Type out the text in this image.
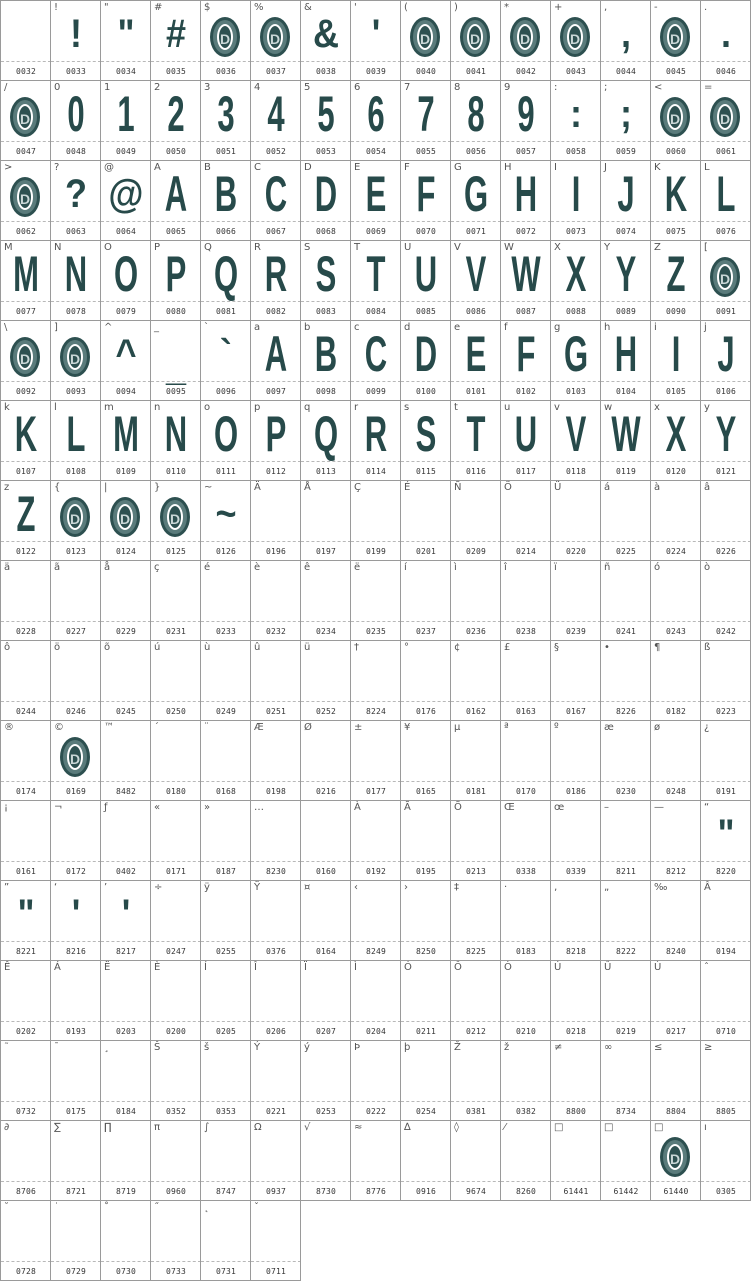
0032
!
!
0033
"
"
0034
#
#
0035
$
D
0036
%
D
0037
&
&
0038
'
'
0039
(
D
0040
)
D
0041
*
D
0042
+
D
0043
,
,
0044
-
D
0045
.
.
0046
/
D
0047
0 0
0048
1 1
0049
2 2
0050
3 3
0051
4 4
0052
5 5
0053
6 6
0054
7 7
0055
8 8
0056
9 9
0057
:
:
0058
;
;
0059
<
D
0060
=
D
0061
>
D
0062
?
?
0063
@
@
0064
A A
0065
B B
0066
C C
0067
D D
0068
E E
0069
F F
0070
G G
0071
H H
0072
I I
0073
J J
0074
K K
0075
L L
0076
M M
0077
N N
0078
O O
0079
P P
0080
Q Q
0081
R R
0082
S S
0083
T T
0084
U U
0085
V V
0086
W
W
0087
X X
0088
Y Y
0089
Z Z
0090
[
D
0091
\
D
0092
]
D
0093
^
^
0094
_
_
0095
`
`
0096
a A
0097
b B
0098
c C
0099
d D
0100
e E
0101
f F
0102
g G
0103
h H
0104
i I
0105
j J
0106
k K
0107
l L
0108
m M
0109
n N
0110
o O
0111
p P
0112
q Q
0113
r R
0114
s S
0115
t T
0116
u U
0117
v V
0118
w W
0119
x X
0120
y Y
0121
z Z
0122
{
D
0123
|
D
0124
}
D
0125
~
~
0126
Ä
0196
Å
0197
Ç
0199
É
0201
Ñ
0209
Ö
0214
Ü
0220
á
0225
à
0224
â
0226
ä
0228
ã
0227
å
0229
ç
0231
é
0233
è
0232
ê
0234
ë
0235
í
0237
ì
0236
î
0238
ï
0239
ñ
0241
ó
0243
ò
0242
ô
0244
ö
0246
õ
0245
ú
0250
ù
0249
û
0251
ü
0252
†
8224
°
0176
¢
0162
£
0163
§
0167
•
8226
¶
0182
ß
0223
®
0174
©
D
0169
™
8482
´
0180
¨
0168
Æ
0198
Ø
0216
±
0177
¥
0165
µ
0181
ª
0170
º
0186
æ
0230
ø
0248
¿
0191
¡
0161
¬
0172
ƒ
0402
«
0171
»
0187
…
8230	0160
À
0192
Ã
0195
Õ
0213
Œ
0338
œ
0339
–
8211
—
8212
“
"
8220
”
"
8221
‘
'
8216
’
'
8217
÷
0247
ÿ
0255
Ÿ
0376
¤
0164
‹
8249
›
8250
‡
8225
·
0183
‚
8218
„
8222
‰
8240
Â
0194
Ê
0202
Á
0193
Ë
0203
È
0200
Í
0205
Î
0206
Ï
0207
Ì
0204
Ó
0211
Ô
0212
Ò
0210
Ú
0218
Û
0219
Ù
0217
ˆ
0710
˜
0732
¯
0175
¸
0184
Š
0352
š
0353
Ý
0221
ý
0253
Þ
0222
þ
0254
Ž
0381
ž
0382
≠
8800
∞
8734
≤
8804
≥
8805
∂
8706
∑
8721
∏
8719
π
0960
∫
8747
Ω
0937
√
8730
≈
8776
∆
0916
◊
9674
⁄
8260
□
61441
□
61442
□
D
61440
ı
0305
˘
0728
˙
0729
˚
0730
˝
0733
˛
0731
ˇ
0711
